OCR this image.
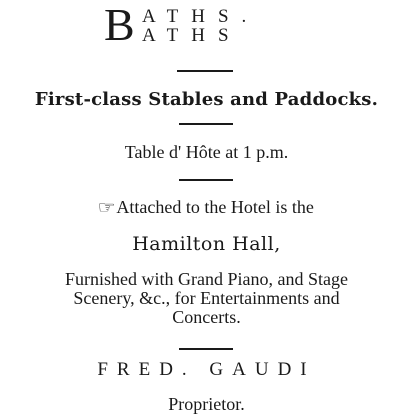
B ATHS.
ATHS
First-class Stables and Paddocks.
Table d' Hôte at 1 p.m.
☞Attached to the Hotel is the
Hamilton Hall,
Furnished with Grand Piano, and Stage
Scenery, &c., for Entertainments and
Concerts.
FRED. GAUDI
Proprietor.
